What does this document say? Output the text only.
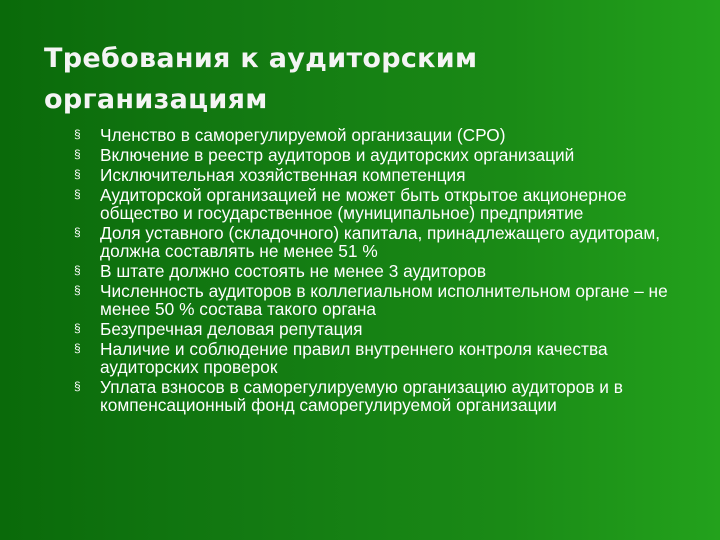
Требования к аудиторским организациям
§	Членство в саморегулируемой организации (СРО)
§	Включение в реестр аудиторов и аудиторских организаций
§	Исключительная хозяйственная компетенция
§	Аудиторской организацией не может быть открытое акционерное общество и государственное (муниципальное) предприятие
§	Доля уставного (складочного) капитала, принадлежащего аудиторам, должна составлять не менее 51 %
§	В штате должно состоять не менее 3 аудиторов
§	Численность аудиторов в коллегиальном исполнительном органе – не менее 50 % состава такого органа
§	Безупречная деловая репутация
§	Наличие и соблюдение правил внутреннего контроля качества аудиторских проверок
§	Уплата взносов в саморегулируемую организацию аудиторов и в компенсационный фонд саморегулируемой организации
